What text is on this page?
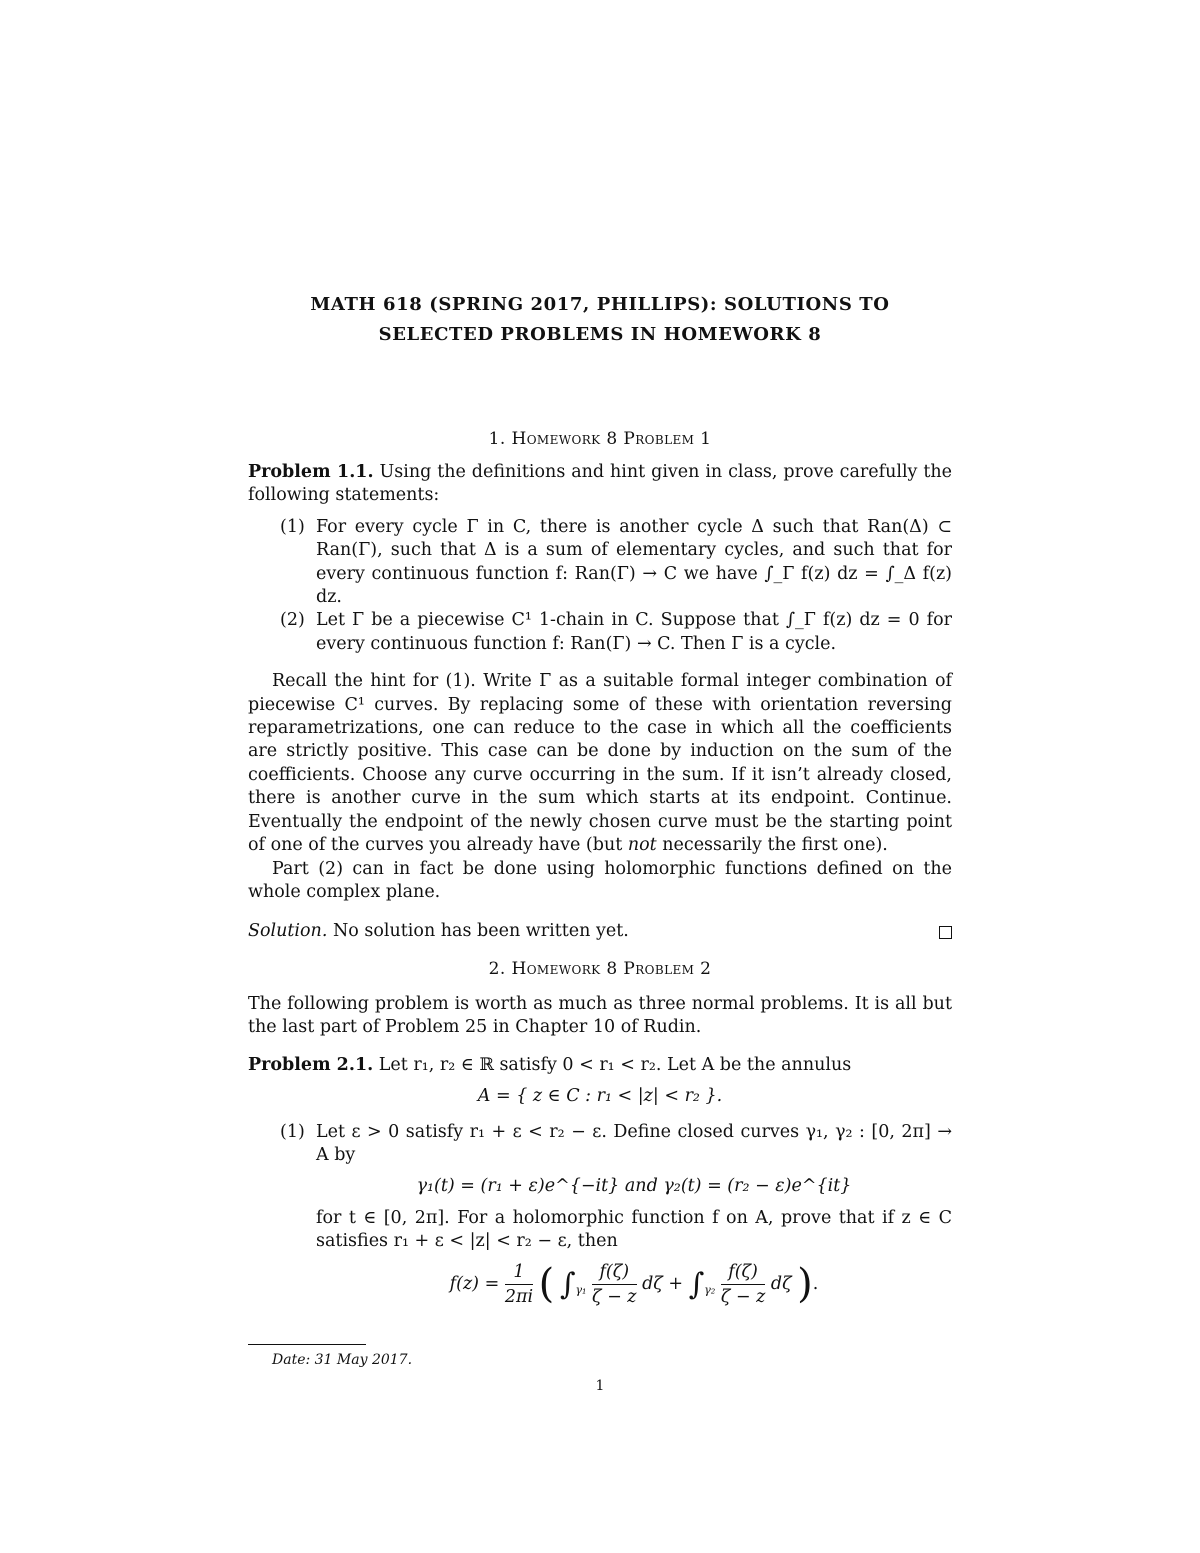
MATH 618 (SPRING 2017, PHILLIPS): SOLUTIONS TO
SELECTED PROBLEMS IN HOMEWORK 8
1. Homework 8 Problem 1

Problem 1.1. Using the definitions and hint given in class, prove carefully the following statements:

(1) For every cycle Γ in C, there is another cycle Δ such that Ran(Δ) ⊂ Ran(Γ), such that Δ is a sum of elementary cycles, and such that for every continuous function f: Ran(Γ) → C we have ∫_Γ f(z) dz = ∫_Δ f(z) dz.

(2) Let Γ be a piecewise C¹ 1-chain in C. Suppose that ∫_Γ f(z) dz = 0 for every continuous function f: Ran(Γ) → C. Then Γ is a cycle.

Recall the hint for (1). Write Γ as a suitable formal integer combination of piecewise C¹ curves. By replacing some of these with orientation reversing reparametrizations, one can reduce to the case in which all the coefficients are strictly positive. This case can be done by induction on the sum of the coefficients. Choose any curve occurring in the sum. If it isn’t already closed, there is another curve in the sum which starts at its endpoint. Continue. Eventually the endpoint of the newly chosen curve must be the starting point of one of the curves you already have (but not necessarily the first one).

Part (2) can in fact be done using holomorphic functions defined on the whole complex plane.

Solution. No solution has been written yet.

2. Homework 8 Problem 2

The following problem is worth as much as three normal problems. It is all but the last part of Problem 25 in Chapter 10 of Rudin.

Problem 2.1. Let r₁, r₂ ∈ ℝ satisfy 0 < r₁ < r₂. Let A be the annulus

A = { z ∈ C : r₁ < |z| < r₂ }.
(1) Let ε > 0 satisfy r₁ + ε < r₂ − ε. Define closed curves γ₁, γ₂ : [0, 2π] → A by

γ₁(t) = (r₁ + ε)e^{−it} and γ₂(t) = (r₂ − ε)e^{it}

for t ∈ [0, 2π]. For a holomorphic function f on A, prove that if z ∈ C satisfies r₁ + ε < |z| < r₂ − ε, then

$f(z) = \frac{1}{2\pi i}$ ( $\int_{\gamma_1} \frac{f(\zeta)}{\zeta - z}$ $d\zeta + \int_{\gamma_2} \frac{f(\zeta)}{\zeta - z}$ dζ ).
Date: 31 May 2017.
1
